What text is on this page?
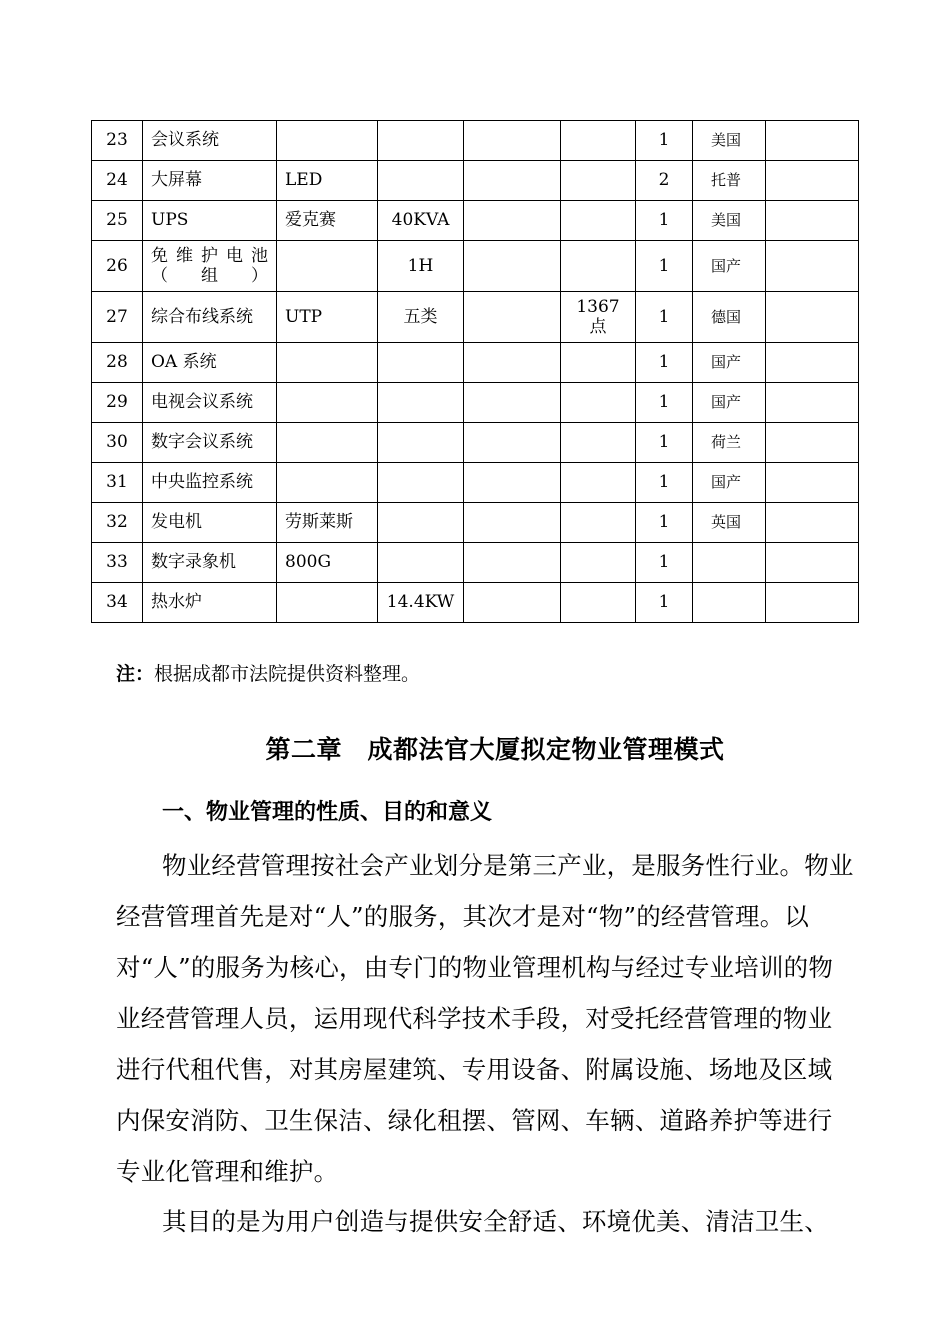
23	会议系统					1	美国	
24	大屏幕	LED				2	托普	
25	UPS	爱克赛	40KVA			1	美国	
26	免维护电池（组）		1H			1	国产	
27	综合布线系统	UTP	五类		1367点	1	德国	
28	OA 系统					1	国产	
29	电视会议系统					1	国产	
30	数字会议系统					1	荷兰	
31	中央监控系统					1	国产	
32	发电机	劳斯莱斯				1	英国	
33	数字录象机	800G				1		
34	热水炉		14.4KW			1		
注：根据成都市法院提供资料整理。
第二章　成都法官大厦拟定物业管理模式
一、物业管理的性质、目的和意义

物业经营管理按社会产业划分是第三产业，是服务性行业。物业经营管理首先是对“人”的服务，其次才是对“物”的经营管理。以对“人”的服务为核心，由专门的物业管理机构与经过专业培训的物业经营管理人员，运用现代科学技术手段，对受托经营管理的物业进行代租代售，对其房屋建筑、专用设备、附属设施、场地及区域内保安消防、卫生保洁、绿化租摆、管网、车辆、道路养护等进行专业化管理和维护。

其目的是为用户创造与提供安全舒适、环境优美、清洁卫生、
